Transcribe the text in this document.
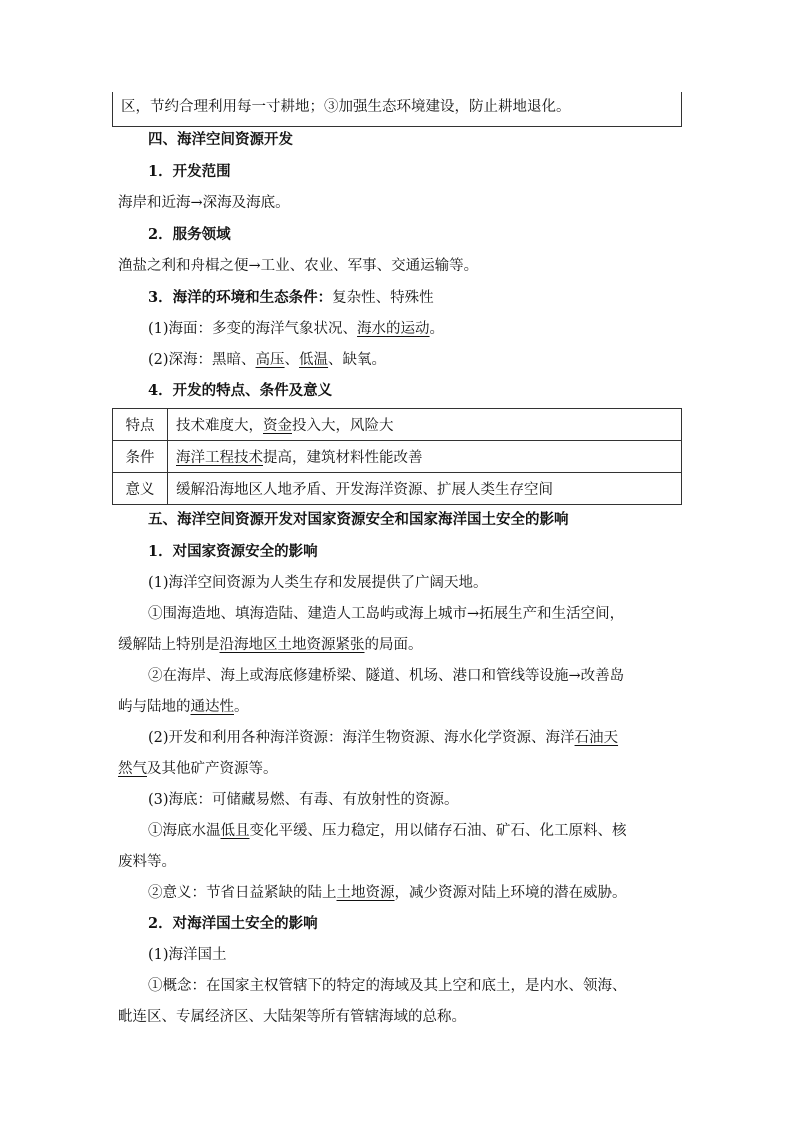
区，节约合理利用每一寸耕地；③加强生态环境建设，防止耕地退化。
四、海洋空间资源开发
1．开发范围
海岸和近海→深海及海底。
2．服务领域
渔盐之利和舟楫之便→工业、农业、军事、交通运输等。
3．海洋的环境和生态条件：复杂性、特殊性
(1)海面：多变的海洋气象状况、海水的运动。
(2)深海：黑暗、高压、低温、缺氧。
4．开发的特点、条件及意义
五、海洋空间资源开发对国家资源安全和国家海洋国土安全的影响
1．对国家资源安全的影响
(1)海洋空间资源为人类生存和发展提供了广阔天地。
①围海造地、填海造陆、建造人工岛屿或海上城市→拓展生产和生活空间，
缓解陆上特别是沿海地区土地资源紧张的局面。
②在海岸、海上或海底修建桥梁、隧道、机场、港口和管线等设施→改善岛
屿与陆地的通达性。
(2)开发和利用各种海洋资源：海洋生物资源、海水化学资源、海洋石油天
然气及其他矿产资源等。
(3)海底：可储藏易燃、有毒、有放射性的资源。
①海底水温低且变化平缓、压力稳定，用以储存石油、矿石、化工原料、核
废料等。
②意义：节省日益紧缺的陆上土地资源，减少资源对陆上环境的潜在威胁。
2．对海洋国土安全的影响
(1)海洋国土
①概念：在国家主权管辖下的特定的海域及其上空和底土，是内水、领海、
毗连区、专属经济区、大陆架等所有管辖海域的总称。
特点	技术难度大，资金投入大，风险大
条件	海洋工程技术提高，建筑材料性能改善
意义	缓解沿海地区人地矛盾、开发海洋资源、扩展人类生存空间
